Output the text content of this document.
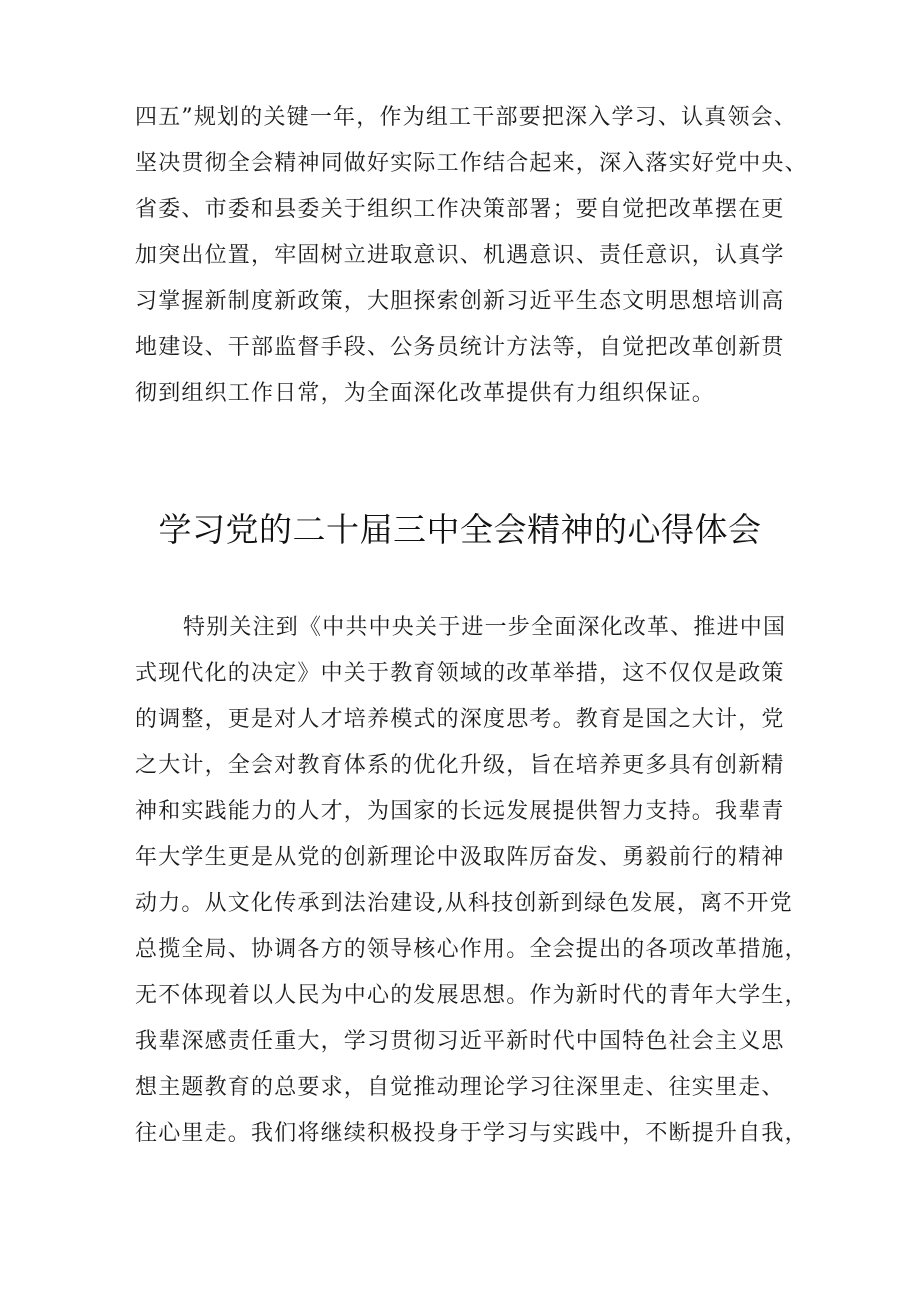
四五”规划的关键一年，作为组工干部要把深入学习、认真领会、
坚决贯彻全会精神同做好实际工作结合起来，深入落实好党中央、
省委、市委和县委关于组织工作决策部署；要自觉把改革摆在更
加突出位置，牢固树立进取意识、机遇意识、责任意识，认真学
习掌握新制度新政策，大胆探索创新习近平生态文明思想培训高
地建设、干部监督手段、公务员统计方法等，自觉把改革创新贯
彻到组织工作日常，为全面深化改革提供有力组织保证。
学习党的二十届三中全会精神的心得体会
特别关注到《中共中央关于进一步全面深化改革、推进中国
式现代化的决定》中关于教育领域的改革举措，这不仅仅是政策
的调整，更是对人才培养模式的深度思考。教育是国之大计，党
之大计，全会对教育体系的优化升级，旨在培养更多具有创新精
神和实践能力的人才，为国家的长远发展提供智力支持。我辈青
年大学生更是从党的创新理论中汲取阵厉奋发、勇毅前行的精神
动力。从文化传承到法治建设,从科技创新到绿色发展，离不开党
总揽全局、协调各方的领导核心作用。全会提出的各项改革措施，
无不体现着以人民为中心的发展思想。作为新时代的青年大学生，
我辈深感责任重大，学习贯彻习近平新时代中国特色社会主义思
想主题教育的总要求，自觉推动理论学习往深里走、往实里走、
往心里走。我们将继续积极投身于学习与实践中，不断提升自我，
